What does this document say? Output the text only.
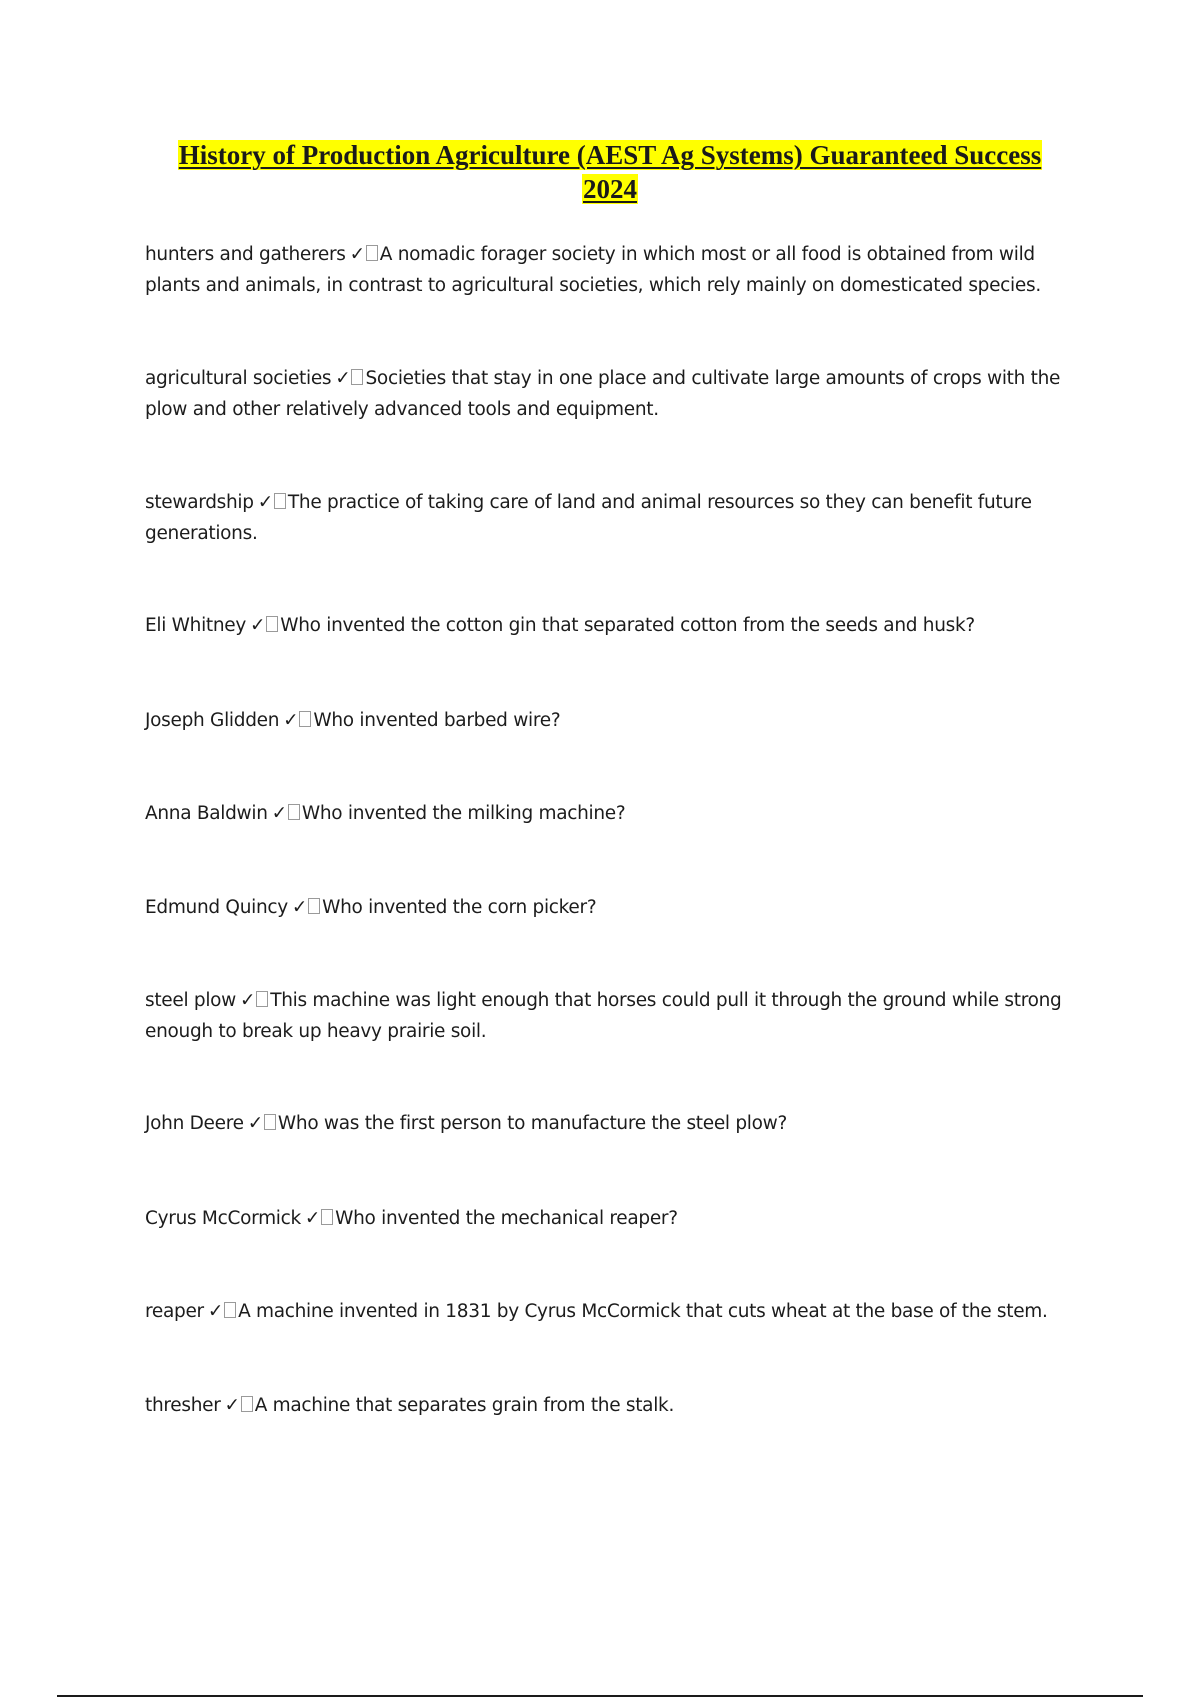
History of Production Agriculture (AEST Ag Systems) Guaranteed Success
2024
hunters and gatherers ✓ A nomadic forager society in which most or all food is obtained from wild plants and animals, in contrast to agricultural societies, which rely mainly on domesticated species.
agricultural societies ✓ Societies that stay in one place and cultivate large amounts of crops with the plow and other relatively advanced tools and equipment.
stewardship ✓ The practice of taking care of land and animal resources so they can benefit future generations.
Eli Whitney ✓ Who invented the cotton gin that separated cotton from the seeds and husk?
Joseph Glidden ✓ Who invented barbed wire?
Anna Baldwin ✓ Who invented the milking machine?
Edmund Quincy ✓ Who invented the corn picker?
steel plow ✓ This machine was light enough that horses could pull it through the ground while strong enough to break up heavy prairie soil.
John Deere ✓ Who was the first person to manufacture the steel plow?
Cyrus McCormick ✓ Who invented the mechanical reaper?
reaper ✓ A machine invented in 1831 by Cyrus McCormick that cuts wheat at the base of the stem.
thresher ✓ A machine that separates grain from the stalk.
